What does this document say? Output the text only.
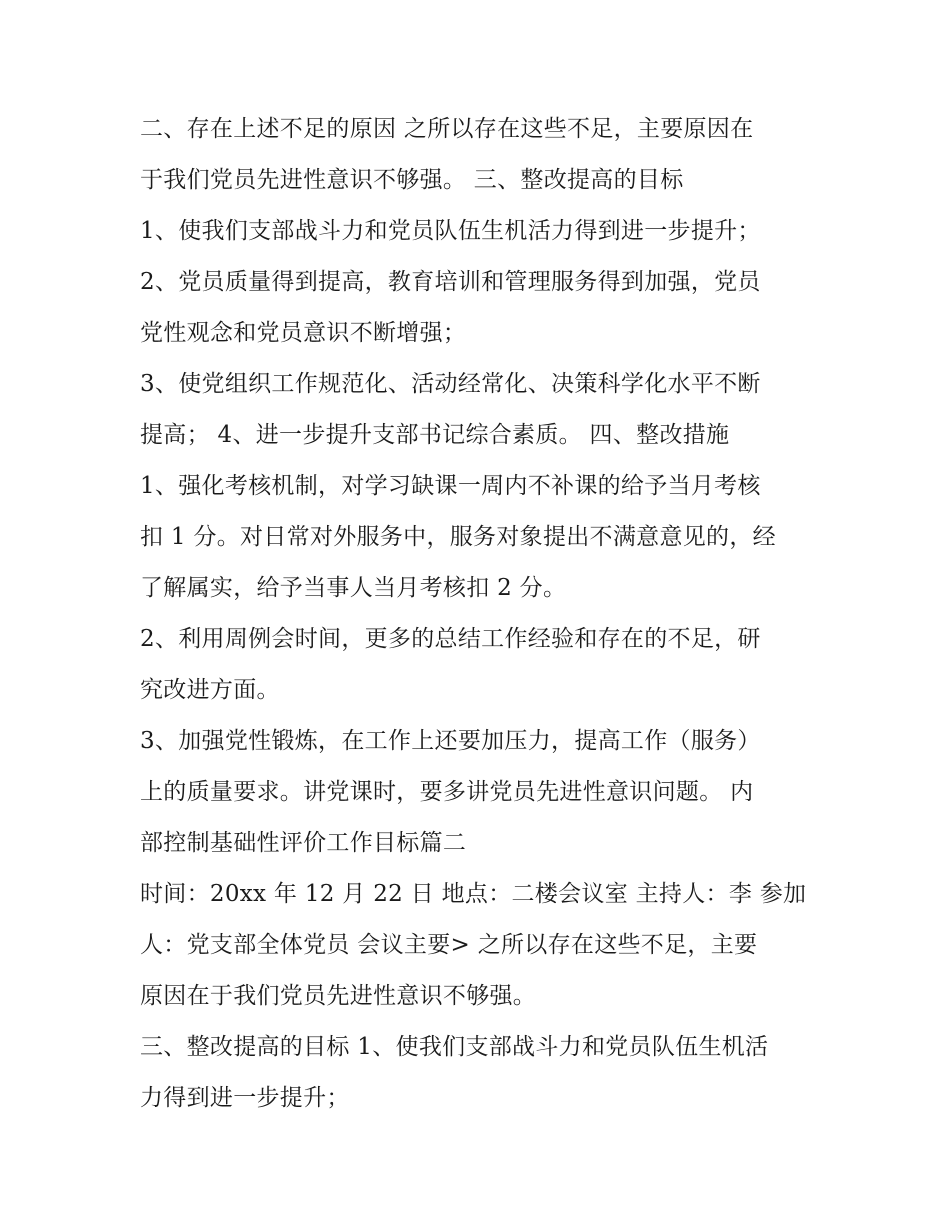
二、存在上述不足的原因 之所以存在这些不足，主要原因在
于我们党员先进性意识不够强。 三、整改提高的目标

1、使我们支部战斗力和党员队伍生机活力得到进一步提升；

2、党员质量得到提高，教育培训和管理服务得到加强，党员
党性观念和党员意识不断增强；

3、使党组织工作规范化、活动经常化、决策科学化水平不断
提高； 4、进一步提升支部书记综合素质。 四、整改措施

1、强化考核机制，对学习缺课一周内不补课的给予当月考核
扣 1 分。对日常对外服务中，服务对象提出不满意意见的，经
了解属实，给予当事人当月考核扣 2 分。

2、利用周例会时间，更多的总结工作经验和存在的不足，研
究改进方面。

3、加强党性锻炼，在工作上还要加压力，提高工作（服务）
上的质量要求。讲党课时，要多讲党员先进性意识问题。 内
部控制基础性评价工作目标篇二

时间：20xx 年 12 月 22 日 地点：二楼会议室 主持人：李 参加
人：党支部全体党员 会议主要> 之所以存在这些不足，主要
原因在于我们党员先进性意识不够强。

三、整改提高的目标 1、使我们支部战斗力和党员队伍生机活
力得到进一步提升；
